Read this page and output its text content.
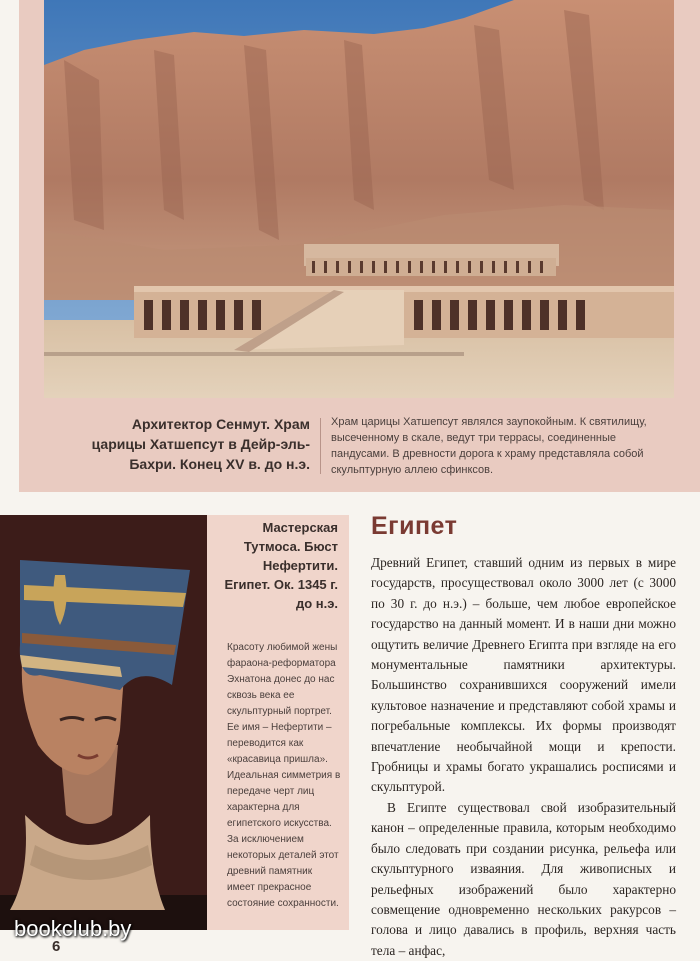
Архитектор Сенмут. Храм царицы Хатшепсут в Дейр-эль-Бахри. Конец XV в. до н.э.
Храм царицы Хатшепсут являлся заупокойным. К святилищу, высеченному в скале, ведут три террасы, соединенные пандусами. В древности дорога к храму представляла собой скульптурную аллею сфинксов.
Мастерская Тутмоса. Бюст Нефертити. Египет. Ок. 1345 г. до н.э.
Красоту любимой жены фараона-реформатора Эхнатона донес до нас сквозь века ее скульптурный портрет. Ее имя – Нефертити – переводится как «красавица пришла». Идеальная симметрия в передаче черт лиц характерна для египетского искусства. За исключением некоторых деталей этот древний памятник имеет прекрасное состояние сохранности.
Египет

Древний Египет, ставший одним из первых в мире государств, просуществовал около 3000 лет (с 3000 по 30 г. до н.э.) – больше, чем любое европейское государство на данный момент. И в наши дни можно ощутить величие Древнего Египта при взгляде на его монументальные памятники архитектуры. Большинство сохранившихся сооружений имели культовое назначение и представляют собой храмы и погребальные комплексы. Их формы производят впечатление необычайной мощи и крепости. Гробницы и храмы богато украшались росписями и скульптурой.

В Египте существовал свой изобразительный канон – определенные правила, которым необходимо было следовать при создании рисунка, рельефа или скульптурного изваяния. Для живописных и рельефных изображений было характерно совмещение одновременно нескольких ракурсов – голова и лицо давались в профиль, верхняя часть тела – анфас,

bookclub.by
6
